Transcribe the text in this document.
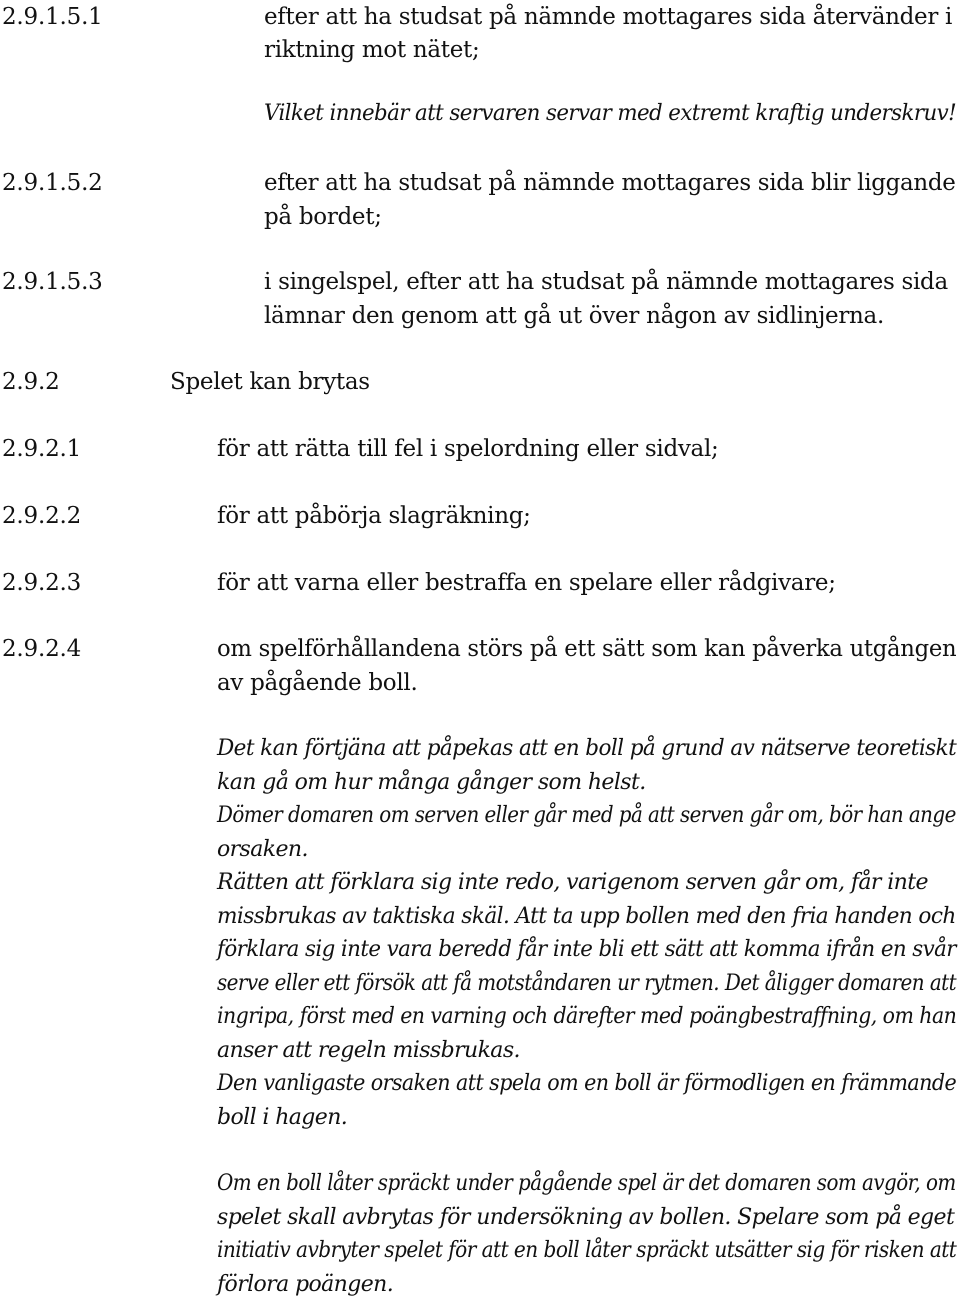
2.9.1.5.1	efter att ha studsat på nämnde mottagares sida återvänder i
riktning mot nätet;
Vilket innebär att servaren servar med extremt kraftig underskruv!
2.9.1.5.2	efter att ha studsat på nämnde mottagares sida blir liggande
på bordet;
2.9.1.5.3	i singelspel, efter att ha studsat på nämnde mottagares sida
lämnar den genom att gå ut över någon av sidlinjerna.
2.9.2	Spelet kan brytas
2.9.2.1	för att rätta till fel i spelordning eller sidval;
2.9.2.2	för att påbörja slagräkning;
2.9.2.3	för att varna eller bestraffa en spelare eller rådgivare;
2.9.2.4	om spelförhållandena störs på ett sätt som kan påverka utgången
av pågående boll.
Det kan förtjäna att påpekas att en boll på grund av nätserve teoretiskt
kan gå om hur många gånger som helst.
Dömer domaren om serven eller går med på att serven går om, bör han ange
orsaken.
Rätten att förklara sig inte redo, varigenom serven går om, får inte
missbrukas av taktiska skäl. Att ta upp bollen med den fria handen och
förklara sig inte vara beredd får inte bli ett sätt att komma ifrån en svår
serve eller ett försök att få motståndaren ur rytmen. Det åligger domaren att
ingripa, först med en varning och därefter med poängbestraffning, om han
anser att regeln missbrukas.
Den vanligaste orsaken att spela om en boll är förmodligen en främmande
boll i hagen.
Om en boll låter spräckt under pågående spel är det domaren som avgör, om
spelet skall avbrytas för undersökning av bollen. Spelare som på eget
initiativ avbryter spelet för att en boll låter spräckt utsätter sig för risken att
förlora poängen.
